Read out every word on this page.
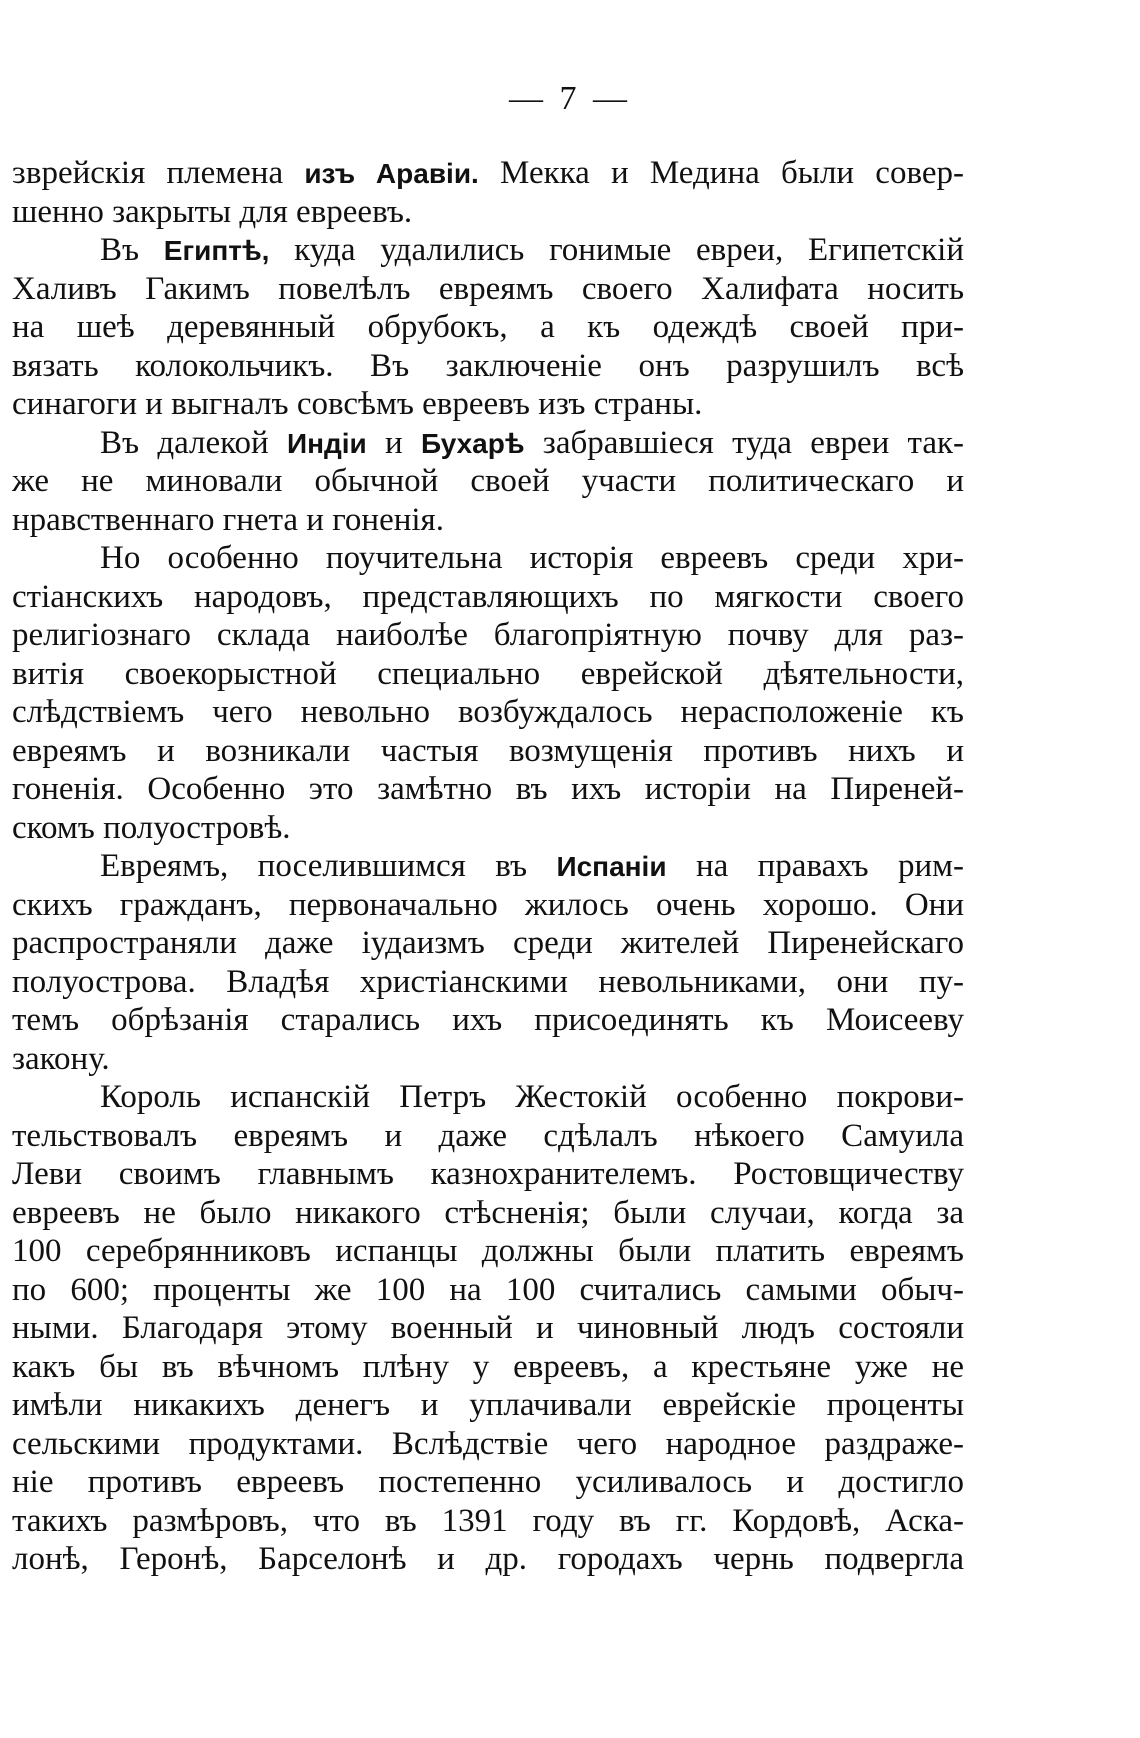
— 7 —
ɜврейскія племена изъ Аравіи. Мекка и Медина были совер-
шенно закрыты для евреевъ.
Въ Египтѣ, куда удалились гонимые евреи, Египетскій
Халивъ Гакимъ повелѣлъ евреямъ своего Халифата носить
на шеѣ деревянный обрубокъ, а къ одеждѣ своей при-
вязать колокольчикъ. Въ заключеніе онъ разрушилъ всѣ
синагоги и выгналъ совсѣмъ евреевъ изъ страны.
Въ далекой Индіи и Бухарѣ забравшіеся туда евреи так-
же не миновали обычной своей участи политическаго и
нравственнаго гнета и гоненія.
Но особенно поучительна исторія евреевъ среди хри-
стіанскихъ народовъ, представляющихъ по мягкости своего
религіознаго склада наиболѣе благопріятную почву для раз-
витія своекорыстной специально еврейской дѣятельности,
слѣдствіемъ чего невольно возбуждалось нерасположеніе къ
евреямъ и возникали частыя возмущенія противъ нихъ и
гоненія. Особенно это замѣтно въ ихъ исторіи на Пиреней-
скомъ полуостровѣ.
Евреямъ, поселившимся въ Испаніи на правахъ рим-
скихъ гражданъ, первоначально жилось очень хорошо. Они
распространяли даже іудаизмъ среди жителей Пиренейскаго
полуострова. Владѣя христіанскими невольниками, они пу-
темъ обрѣзанія старались ихъ присоединять къ Моисееву
закону.
Король испанскій Петръ Жестокій особенно покрови-
тельствовалъ евреямъ и даже сдѣлалъ нѣкоего Самуила
Леви своимъ главнымъ казнохранителемъ. Ростовщичеству
евреевъ не было никакого стѣсненія; были случаи, когда за
100 серебрянниковъ испанцы должны были платить евреямъ
по 600; проценты же 100 на 100 считались самыми обыч-
ными. Благодаря этому военный и чиновный людъ состояли
какъ бы въ вѣчномъ плѣну у евреевъ, а крестьяне уже не
имѣли никакихъ денегъ и уплачивали еврейскіе проценты
сельскими продуктами. Вслѣдствіе чего народное раздраже-
ніе противъ евреевъ постепенно усиливалось и достигло
такихъ размѣровъ, что въ 1391 году въ гг. Кордовѣ, Аска-
лонѣ, Геронѣ, Барселонѣ и др. городахъ чернь подвергла
